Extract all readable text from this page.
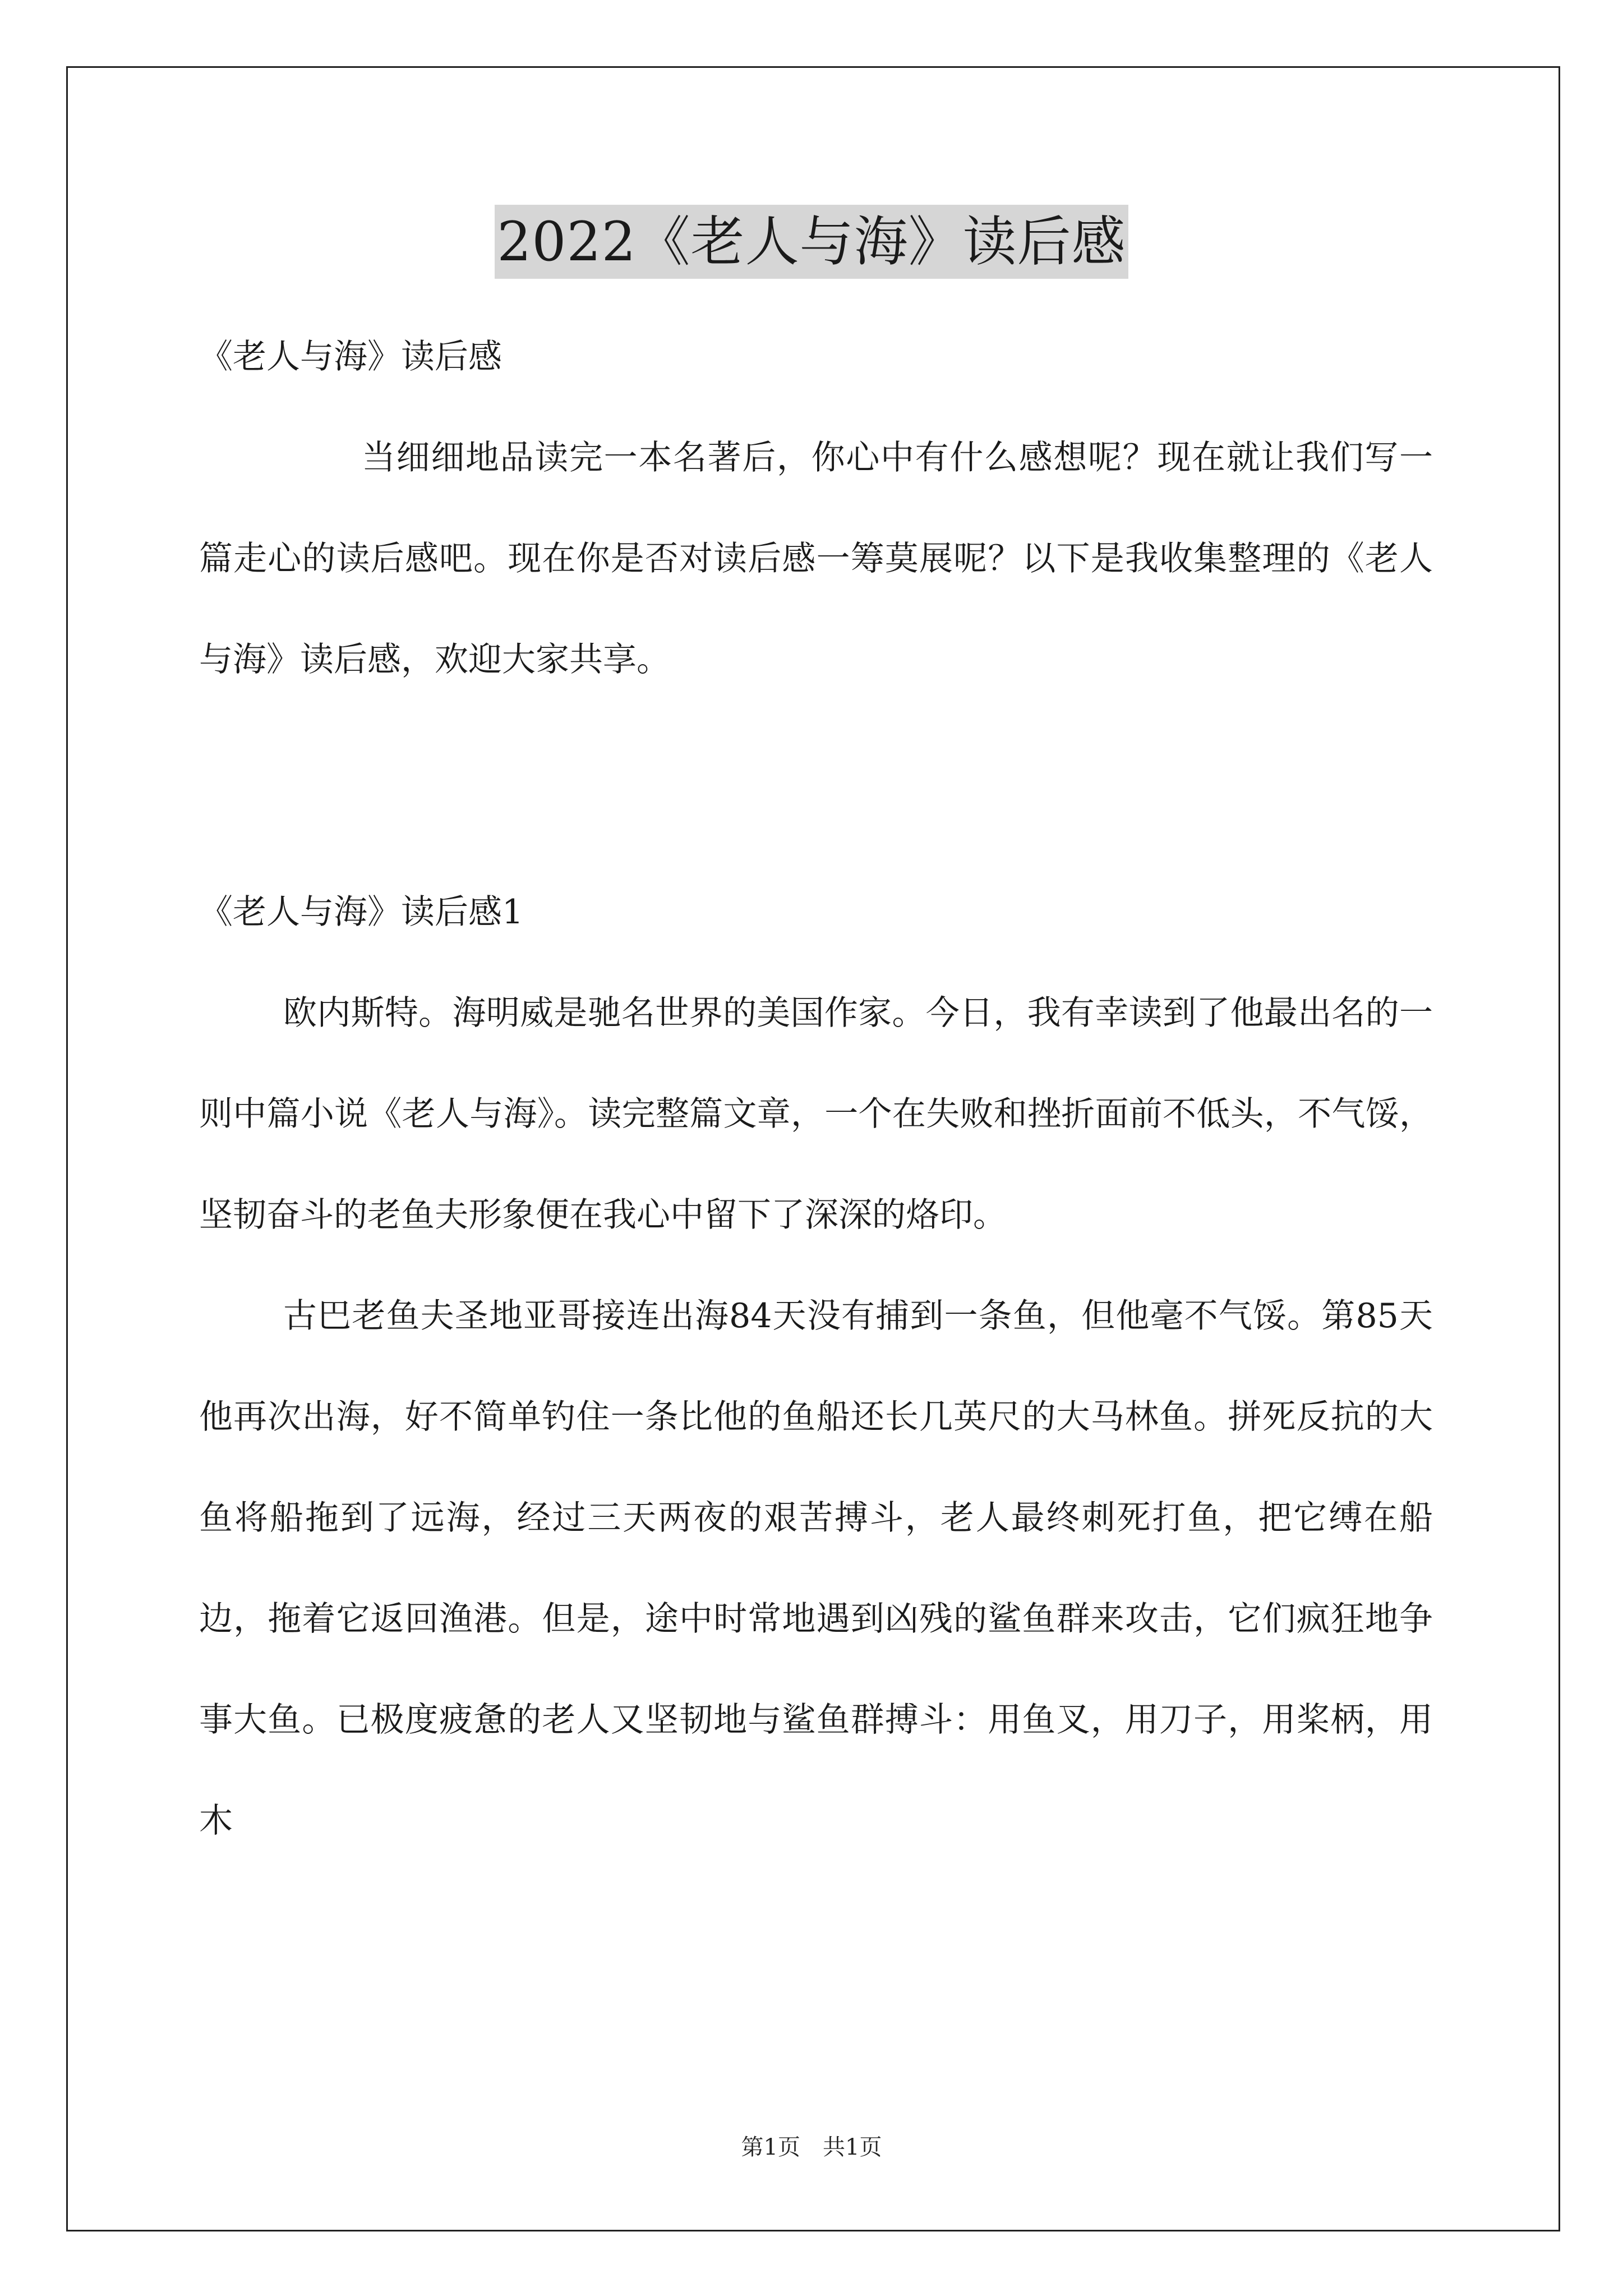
2022《老人与海》读后感

《老人与海》读后感

当细细地品读完一本名著后，你心中有什么感想呢？现在就让我们写一篇走心的读后感吧。现在你是否对读后感一筹莫展呢？以下是我收集整理的《老人与海》读后感，欢迎大家共享。

《老人与海》读后感1

欧内斯特。海明威是驰名世界的美国作家。今日，我有幸读到了他最出名的一则中篇小说《老人与海》。读完整篇文章，一个在失败和挫折面前不低头，不气馁，坚韧奋斗的老鱼夫形象便在我心中留下了深深的烙印。

古巴老鱼夫圣地亚哥接连出海84天没有捕到一条鱼，但他毫不气馁。第85天他再次出海，好不简单钓住一条比他的鱼船还长几英尺的大马林鱼。拼死反抗的大鱼将船拖到了远海，经过三天两夜的艰苦搏斗，老人最终刺死打鱼，把它缚在船边，拖着它返回渔港。但是，途中时常地遇到凶残的鲨鱼群来攻击，它们疯狂地争事大鱼。已极度疲惫的老人又坚韧地与鲨鱼群搏斗：用鱼叉，用刀子，用桨柄，用木

第1页 共1页
